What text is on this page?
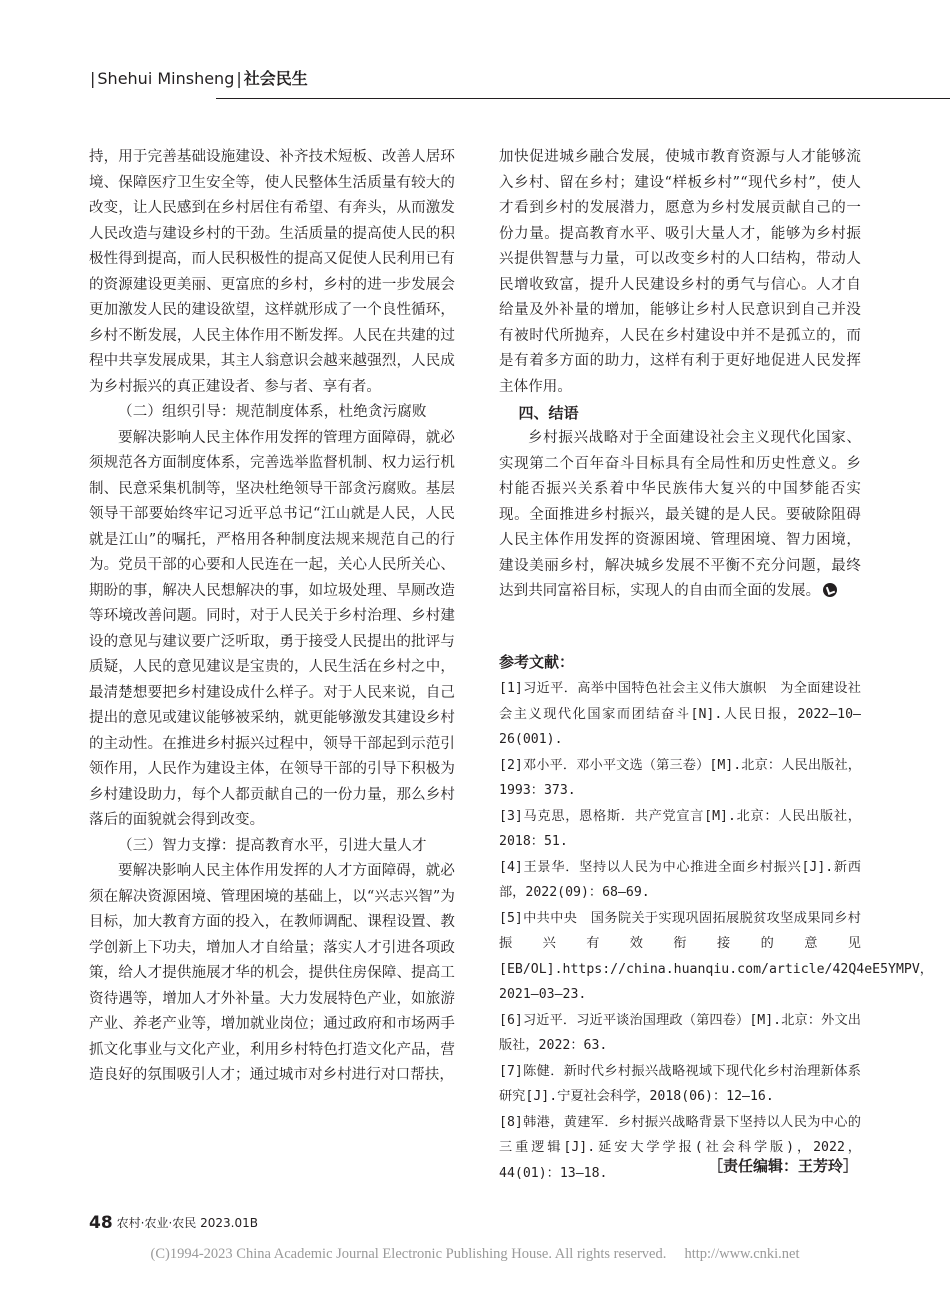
| Shehui Minsheng | 社会民生

持，用于完善基础设施建设、补齐技术短板、改善人居环境、保障医疗卫生安全等，使人民整体生活质量有较大的改变，让人民感到在乡村居住有希望、有奔头，从而激发人民改造与建设乡村的干劲。生活质量的提高使人民的积极性得到提高，而人民积极性的提高又促使人民利用已有的资源建设更美丽、更富庶的乡村，乡村的进一步发展会更加激发人民的建设欲望，这样就形成了一个良性循环，乡村不断发展，人民主体作用不断发挥。人民在共建的过程中共享发展成果，其主人翁意识会越来越强烈，人民成为乡村振兴的真正建设者、参与者、享有者。

（二）组织引导：规范制度体系，杜绝贪污腐败

要解决影响人民主体作用发挥的管理方面障碍，就必须规范各方面制度体系，完善选举监督机制、权力运行机制、民意采集机制等，坚决杜绝领导干部贪污腐败。基层领导干部要始终牢记习近平总书记“江山就是人民，人民就是江山”的嘱托，严格用各种制度法规来规范自己的行为。党员干部的心要和人民连在一起，关心人民所关心、期盼的事，解决人民想解决的事，如垃圾处理、旱厕改造等环境改善问题。同时，对于人民关于乡村治理、乡村建设的意见与建议要广泛听取，勇于接受人民提出的批评与质疑，人民的意见建议是宝贵的，人民生活在乡村之中，最清楚想要把乡村建设成什么样子。对于人民来说，自己提出的意见或建议能够被采纳，就更能够激发其建设乡村的主动性。在推进乡村振兴过程中，领导干部起到示范引领作用，人民作为建设主体，在领导干部的引导下积极为乡村建设助力，每个人都贡献自己的一份力量，那么乡村落后的面貌就会得到改变。

（三）智力支撑：提高教育水平，引进大量人才

要解决影响人民主体作用发挥的人才方面障碍，就必须在解决资源困境、管理困境的基础上，以“兴志兴智”为目标，加大教育方面的投入，在教师调配、课程设置、教学创新上下功夫，增加人才自给量；落实人才引进各项政策，给人才提供施展才华的机会，提供住房保障、提高工资待遇等，增加人才外补量。大力发展特色产业，如旅游产业、养老产业等，增加就业岗位；通过政府和市场两手抓文化事业与文化产业，利用乡村特色打造文化产品，营造良好的氛围吸引人才；通过城市对乡村进行对口帮扶，

加快促进城乡融合发展，使城市教育资源与人才能够流入乡村、留在乡村；建设“样板乡村”“现代乡村”，使人才看到乡村的发展潜力，愿意为乡村发展贡献自己的一份力量。提高教育水平、吸引大量人才，能够为乡村振兴提供智慧与力量，可以改变乡村的人口结构，带动人民增收致富，提升人民建设乡村的勇气与信心。人才自给量及外补量的增加，能够让乡村人民意识到自己并没有被时代所抛弃，人民在乡村建设中并不是孤立的，而是有着多方面的助力，这样有利于更好地促进人民发挥主体作用。

四、结语

乡村振兴战略对于全面建设社会主义现代化国家、实现第二个百年奋斗目标具有全局性和历史性意义。乡村能否振兴关系着中华民族伟大复兴的中国梦能否实现。全面推进乡村振兴，最关键的是人民。要破除阻碍人民主体作用发挥的资源困境、管理困境、智力困境，建设美丽乡村，解决城乡发展不平衡不充分问题，最终达到共同富裕目标，实现人的自由而全面的发展。

参考文献：

[1]习近平．高举中国特色社会主义伟大旗帜　为全面建设社会主义现代化国家而团结奋斗[N].人民日报，2022—10—26(001).

[2]邓小平．邓小平文选（第三卷）[M].北京：人民出版社，1993：373.

[3]马克思，恩格斯．共产党宣言[M].北京：人民出版社，2018：51.

[4]王景华．坚持以人民为中心推进全面乡村振兴[J].新西部，2022(09)：68—69.

[5]中共中央　国务院关于实现巩固拓展脱贫攻坚成果同乡村振兴有效衔接的意见[EB/OL].https://china.huanqiu.com/article/42Q4eE5YMPV，2021—03—23.

[6]习近平．习近平谈治国理政（第四卷）[M].北京：外文出版社，2022：63.

[7]陈健．新时代乡村振兴战略视域下现代化乡村治理新体系研究[J].宁夏社会科学，2018(06)：12—16.

[8]韩港，黄建军．乡村振兴战略背景下坚持以人民为中心的三重逻辑[J].延安大学学报(社会科学版)，2022，44(01)：13—18.	［责任编辑：王芳玲］
48 农村·农业·农民 2023.01B
(C)1994-2023 China Academic Journal Electronic Publishing House. All rights reserved.　 http://www.cnki.net
